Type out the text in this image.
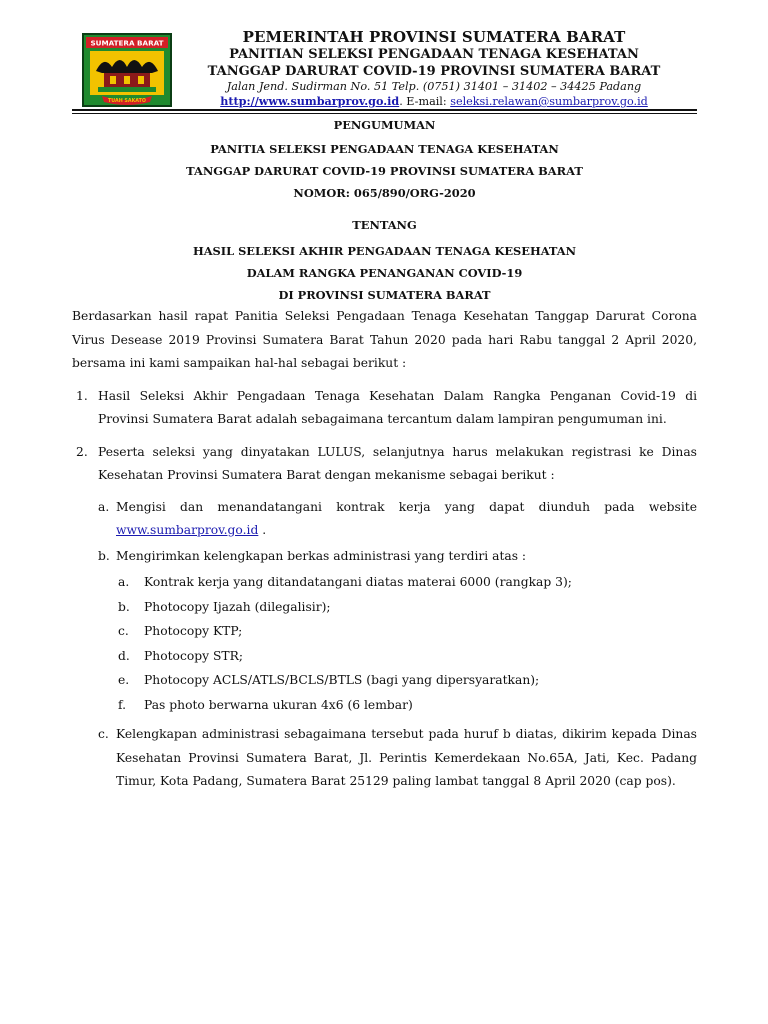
SUMATERA BARAT
TUAH SAKATO
PEMERINTAH PROVINSI SUMATERA BARAT
PANITIAN SELEKSI PENGADAAN TENAGA KESEHATAN
TANGGAP DARURAT COVID-19 PROVINSI SUMATERA BARAT
Jalan Jend. Sudirman No. 51 Telp. (0751) 31401 – 31402 – 34425 Padang
http://www.sumbarprov.go.id. E-mail: seleksi.relawan@sumbarprov.go.id
PENGUMUMAN
PANITIA SELEKSI PENGADAAN TENAGA KESEHATAN
TANGGAP DARURAT COVID-19 PROVINSI SUMATERA BARAT
NOMOR: 065/890/ORG-2020
TENTANG
HASIL SELEKSI AKHIR PENGADAAN TENAGA KESEHATAN
DALAM RANGKA PENANGANAN COVID-19
DI PROVINSI SUMATERA BARAT

Berdasarkan hasil rapat Panitia Seleksi Pengadaan Tenaga Kesehatan Tanggap Darurat Corona Virus Desease 2019 Provinsi Sumatera Barat Tahun 2020 pada hari Rabu tanggal 2 April 2020, bersama ini kami sampaikan hal-hal sebagai berikut :

1. Hasil Seleksi Akhir Pengadaan Tenaga Kesehatan Dalam Rangka Penganan Covid-19 di Provinsi Sumatera Barat adalah sebagaimana tercantum dalam lampiran pengumuman ini.
2. Peserta seleksi yang dinyatakan LULUS, selanjutnya harus melakukan registrasi ke Dinas Kesehatan Provinsi Sumatera Barat dengan mekanisme sebagai berikut :
a. Mengisi dan menandatangani kontrak kerja yang dapat diunduh pada website www.sumbarprov.go.id .
b. Mengirimkan kelengkapan berkas administrasi yang terdiri atas :
a. Kontrak kerja yang ditandatangani diatas materai 6000 (rangkap 3);
b. Photocopy Ijazah (dilegalisir);
c. Photocopy KTP;
d. Photocopy STR;
e. Photocopy ACLS/ATLS/BCLS/BTLS (bagi yang dipersyaratkan);
f. Pas photo berwarna ukuran 4x6 (6 lembar)
c. Kelengkapan administrasi sebagaimana tersebut pada huruf b diatas, dikirim kepada Dinas Kesehatan Provinsi Sumatera Barat, Jl. Perintis Kemerdekaan No.65A, Jati, Kec. Padang Timur, Kota Padang, Sumatera Barat 25129 paling lambat tanggal 8 April 2020 (cap pos).
